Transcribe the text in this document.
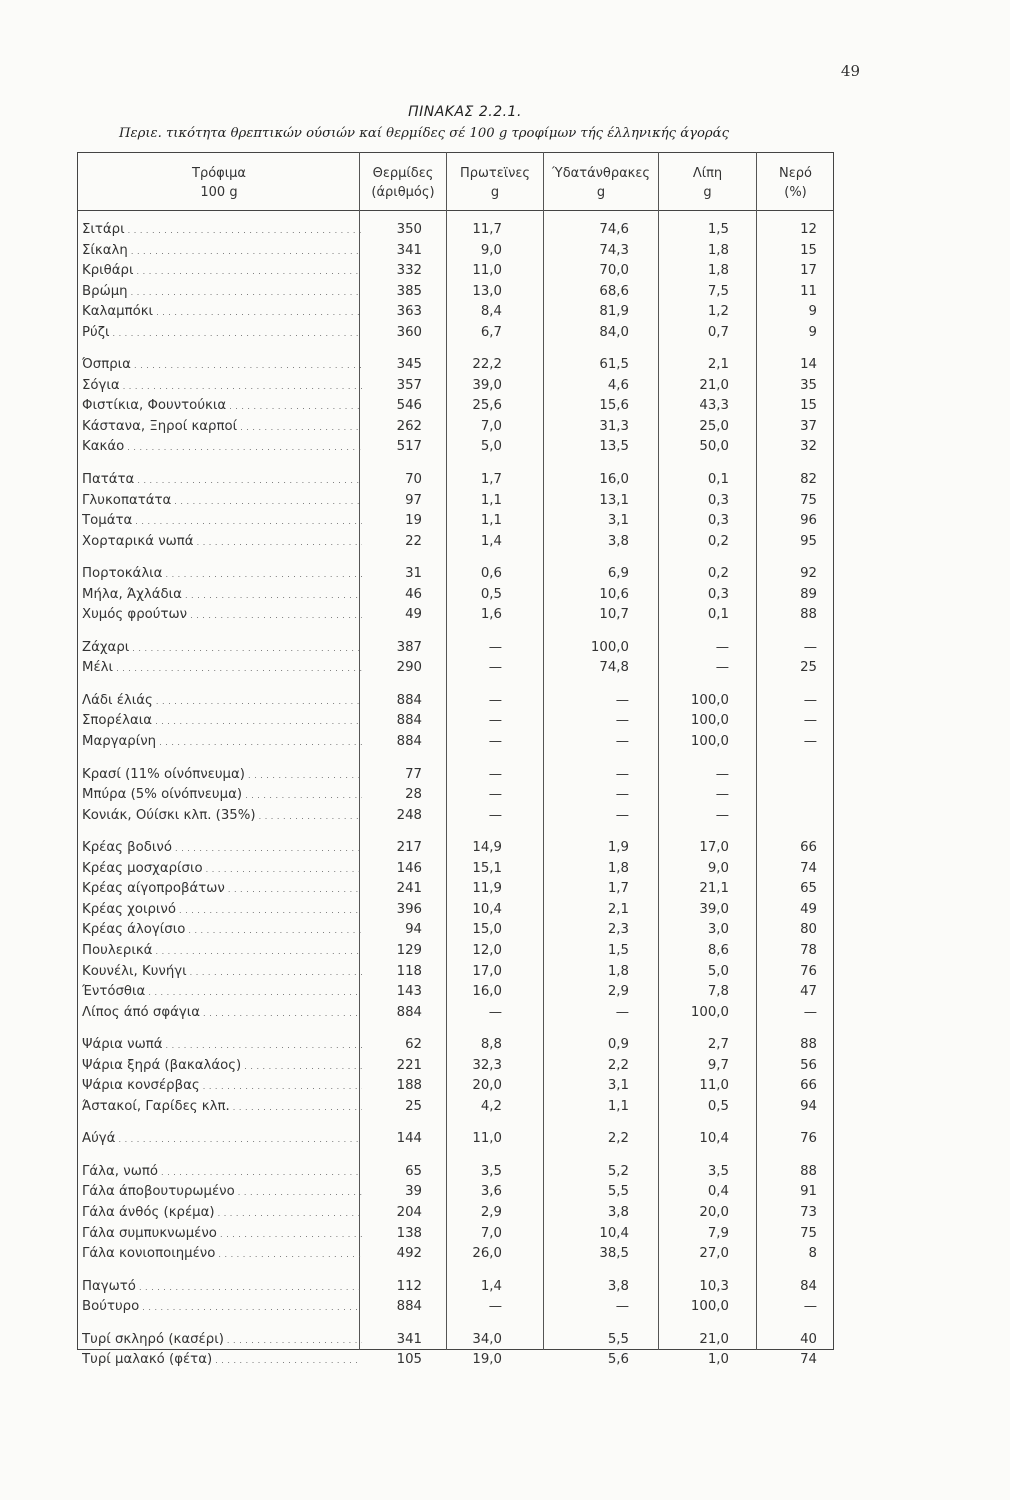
49
ΠΙΝΑΚΑΣ 2.2.1.
Περιε. τικότητα θρεπτικών ούσιών καί θερμίδες σέ 100 g τροφίμων τής έλληνικής άγοράς
Τρόφιμα
100 g
Θερμίδες
(άριθμός)
Πρωτεϊνες
g
Ύδατάνθρακες
g
Λίπη
g
Νερό
(%)
Σιτάρι . . .	350	11,7	74,6	1,5	12
Σίκαλη . . .	341	9,0	74,3	1,8	15
Κριθάρι . . .	332	11,0	70,0	1,8	17
Βρώμη . . .	385	13,0	68,6	7,5	11
Καλαμπόκι . . .	363	8,4	81,9	1,2	9
Ρύζι . . .	360	6,7	84,0	0,7	9
Όσπρια . . .	345	22,2	61,5	2,1	14
Σόγια . . .	357	39,0	4,6	21,0	35
Φιστίκια, Φουντούκια . . .	546	25,6	15,6	43,3	15
Κάστανα, Ξηροί καρποί . . .	262	7,0	31,3	25,0	37
Κακάο . . .	517	5,0	13,5	50,0	32
Πατάτα . . .	70	1,7	16,0	0,1	82
Γλυκοπατάτα . . .	97	1,1	13,1	0,3	75
Τομάτα . . .	19	1,1	3,1	0,3	96
Χορταρικά νωπά . . .	22	1,4	3,8	0,2	95
Πορτοκάλια . . .	31	0,6	6,9	0,2	92
Μήλα, Άχλάδια . . .	46	0,5	10,6	0,3	89
Χυμός φρούτων . . .	49	1,6	10,7	0,1	88
Ζάχαρι . . .	387	—	100,0	—	—
Μέλι . . .	290	—	74,8	—	25
Λάδι έλιάς . . .	884	—	—	100,0	—
Σπορέλαια . . .	884	—	—	100,0	—
Μαργαρίνη . . .	884	—	—	100,0	—
Κρασί (11% οίνόπνευμα) . . .	77	—	—	—
Μπύρα (5% οίνόπνευμα) . . .	28	—	—	—
Κονιάκ, Ούίσκι κλπ. (35%) . . .	248	—	—	—
Κρέας βοδινό . . .	217	14,9	1,9	17,0	66
Κρέας μοσχαρίσιο . . .	146	15,1	1,8	9,0	74
Κρέας αίγοπροβάτων . . .	241	11,9	1,7	21,1	65
Κρέας χοιρινό . . .	396	10,4	2,1	39,0	49
Κρέας άλογίσιο . . .	94	15,0	2,3	3,0	80
Πουλερικά . . .	129	12,0	1,5	8,6	78
Κουνέλι, Κυνήγι . . .	118	17,0	1,8	5,0	76
Έντόσθια . . .	143	16,0	2,9	7,8	47
Λίπος άπό σφάγια . . .	884	—	—	100,0	—
Ψάρια νωπά . . .	62	8,8	0,9	2,7	88
Ψάρια ξηρά (βακαλάος) . . .	221	32,3	2,2	9,7	56
Ψάρια κονσέρβας . . .	188	20,0	3,1	11,0	66
Άστακοί, Γαρίδες κλπ. . . .	25	4,2	1,1	0,5	94
Αύγά . . .	144	11,0	2,2	10,4	76
Γάλα, νωπό . . .	65	3,5	5,2	3,5	88
Γάλα άποβουτυρωμένο . . .	39	3,6	5,5	0,4	91
Γάλα άνθός (κρέμα) . . .	204	2,9	3,8	20,0	73
Γάλα συμπυκνωμένο . . .	138	7,0	10,4	7,9	75
Γάλα κονιοποιημένο . . .	492	26,0	38,5	27,0	8
Παγωτό . . .	112	1,4	3,8	10,3	84
Βούτυρο . . .	884	—	—	100,0	—
Τυρί σκληρό (κασέρι) . . .	341	34,0	5,5	21,0	40
Τυρί μαλακό (φέτα) . . .	105	19,0	5,6	1,0	74
